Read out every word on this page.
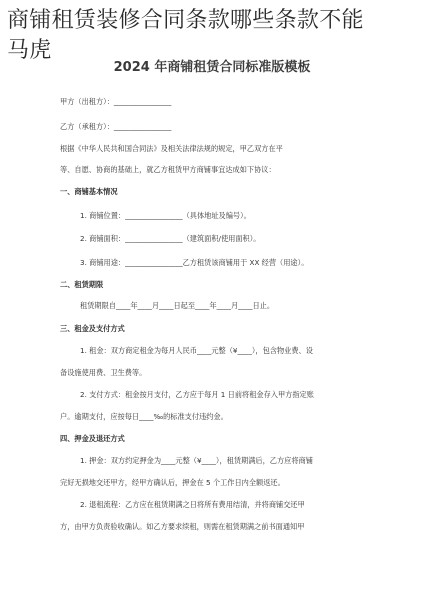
商铺租赁装修合同条款哪些条款不能
马虎
2024 年商铺租赁合同标准版模板
甲方（出租方）：________________
乙方（承租方）：________________
根据《中华人民共和国合同法》及相关法律法规的规定，甲乙双方在平
等、自愿、协商的基础上，就乙方租赁甲方商铺事宜达成如下协议：
一、商铺基本情况
1. 商铺位置：________________（具体地址及编号）。
2. 商铺面积：________________（建筑面积/使用面积）。
3. 商铺用途：________________乙方租赁该商铺用于 XX 经营（用途）。
二、租赁期限
租赁期限自____年____月____日起至____年____月____日止。
三、租金及支付方式
1. 租金：双方商定租金为每月人民币____元整（¥____），包含物业费、设
备设施使用费、卫生费等。
2. 支付方式：租金按月支付，乙方应于每月 1 日前将租金存入甲方指定账
户。逾期支付，应按每日____‰的标准支付违约金。
四、押金及退还方式
1. 押金：双方约定押金为____元整（¥____），租赁期满后，乙方应将商铺
完好无损地交还甲方，经甲方确认后，押金在 5 个工作日内全额返还。
2. 退租流程：乙方应在租赁期满之日将所有费用结清，并将商铺交还甲
方，由甲方负责验收确认。如乙方要求续租，则需在租赁期满之前书面通知甲
